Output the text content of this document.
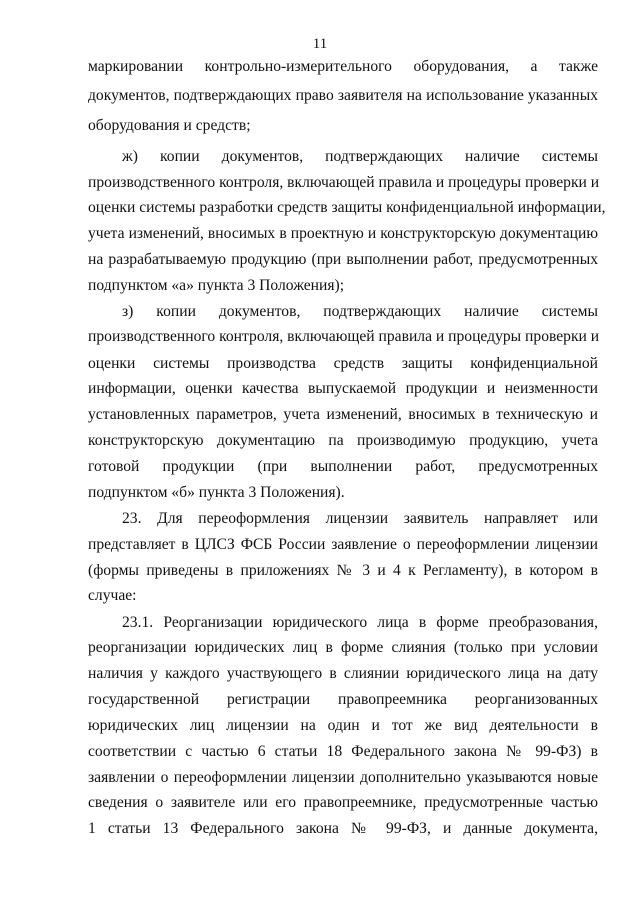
11
маркировании контрольно-измерительного оборудования, а также
документов, подтверждающих право заявителя на использование указанных
оборудования и средств;
ж) копии документов, подтверждающих наличие системы
производственного контроля, включающей правила и процедуры проверки и
оценки системы разработки средств защиты конфиденциальной информации,
учета изменений, вносимых в проектную и конструкторскую документацию
на разрабатываемую продукцию (при выполнении работ, предусмотренных
подпунктом «а» пункта 3 Положения);
з) копии документов, подтверждающих наличие системы
производственного контроля, включающей правила и процедуры проверки и
оценки системы производства средств защиты конфиденциальной
информации, оценки качества выпускаемой продукции и неизменности
установленных параметров, учета изменений, вносимых в техническую и
конструкторскую документацию па производимую продукцию, учета
готовой продукции (при выполнении работ, предусмотренных
подпунктом «б» пункта 3 Положения).
23. Для переоформления лицензии заявитель направляет или
представляет в ЦЛСЗ ФСБ России заявление о переоформлении лицензии
(формы приведены в приложениях № 3 и 4 к Регламенту), в котором в
случае:
23.1. Реорганизации юридического лица в форме преобразования,
реорганизации юридических лиц в форме слияния (только при условии
наличия у каждого участвующего в слиянии юридического лица на дату
государственной регистрации правопреемника реорганизованных
юридических лиц лицензии на один и тот же вид деятельности в
соответствии с частью 6 статьи 18 Федерального закона № 99-ФЗ) в
заявлении о переоформлении лицензии дополнительно указываются новые
сведения о заявителе или его правопреемнике, предусмотренные частью
1 статьи 13 Федерального закона № 99-ФЗ, и данные документа,
